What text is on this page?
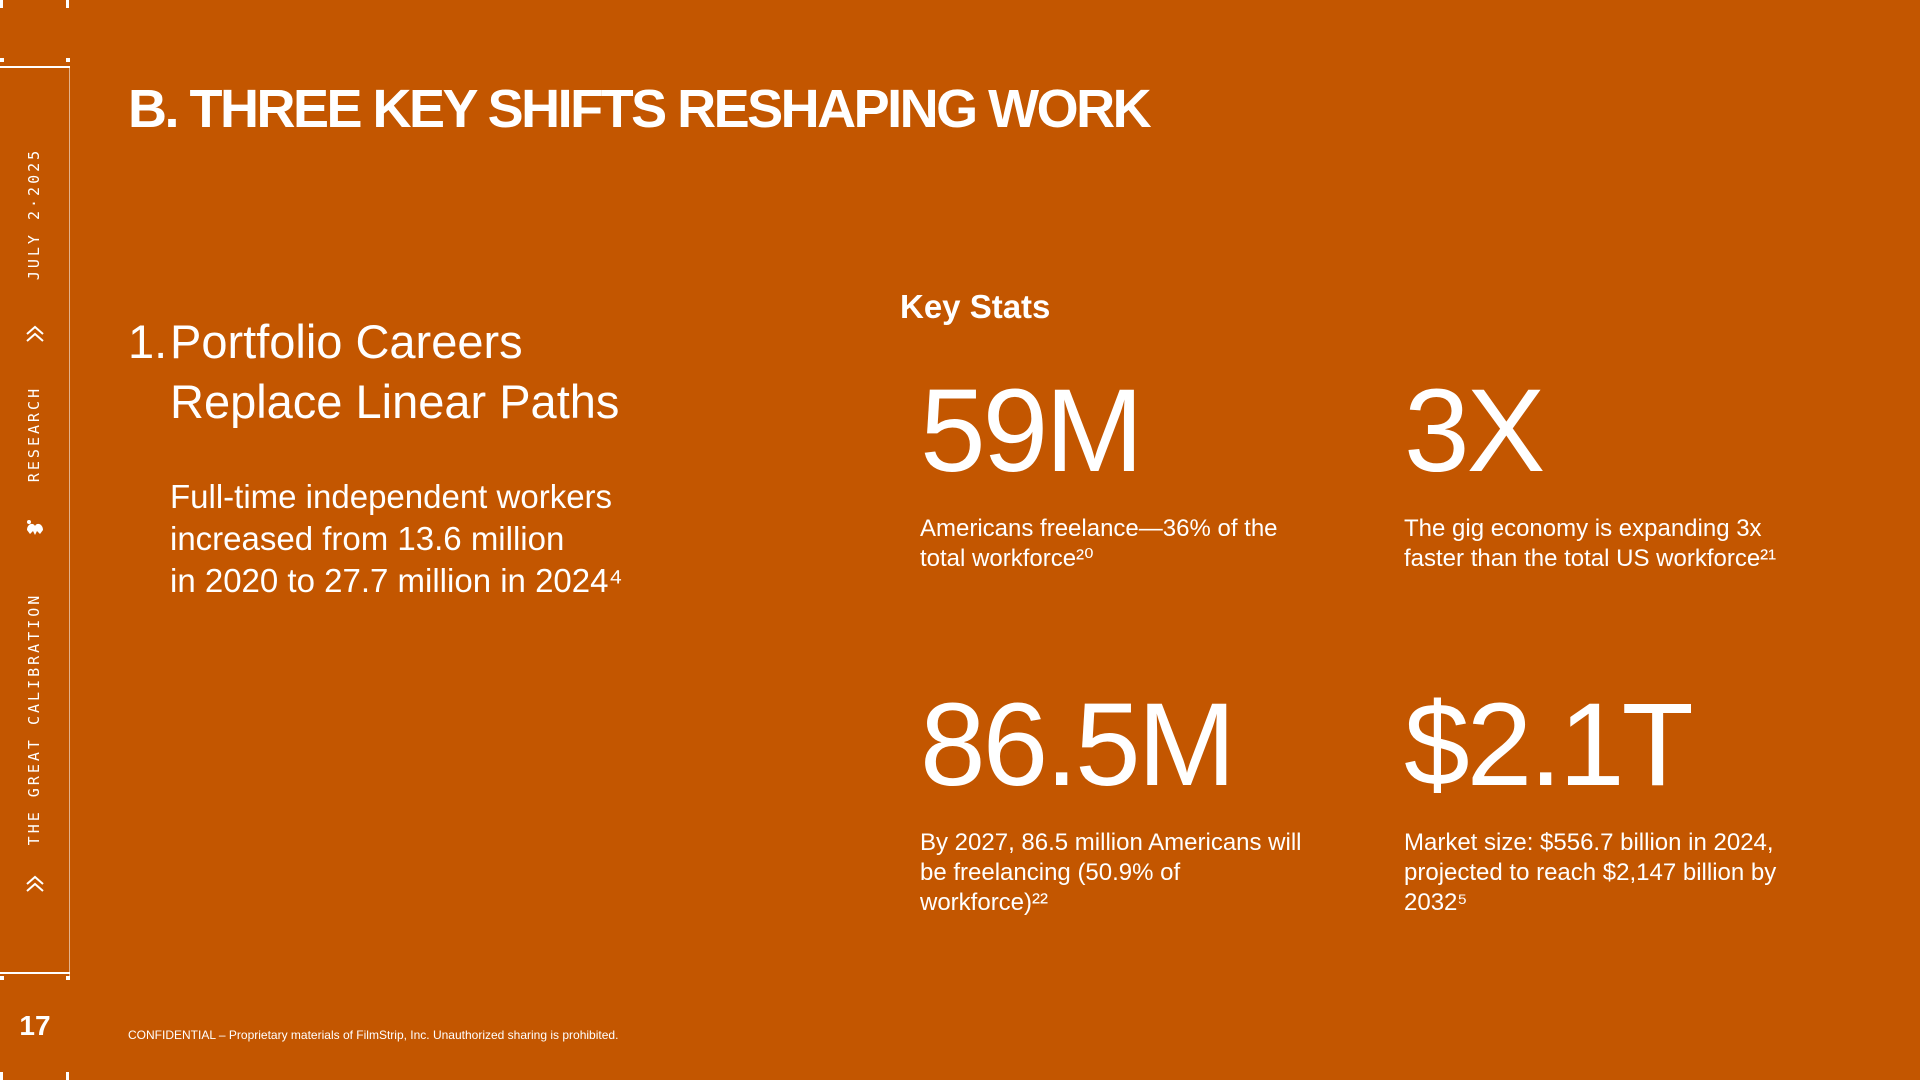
JULY 2·2025
RESEARCH
THE GREAT CALIBRATION
17
B. THREE KEY SHIFTS RESHAPING WORK
1. Portfolio Careers
Replace Linear Paths
Full-time independent workers
increased from 13.6 million
in 2020 to 27.7 million in 2024⁴
Key Stats
59M
Americans freelance—36% of the
total workforce²⁰
3X
The gig economy is expanding 3x
faster than the total US workforce²¹
86.5M
By 2027, 86.5 million Americans will
be freelancing (50.9% of
workforce)²²
$2.1T
Market size: $556.7 billion in 2024,
projected to reach $2,147 billion by
2032⁵
CONFIDENTIAL – Proprietary materials of FilmStrip, Inc. Unauthorized sharing is prohibited.
